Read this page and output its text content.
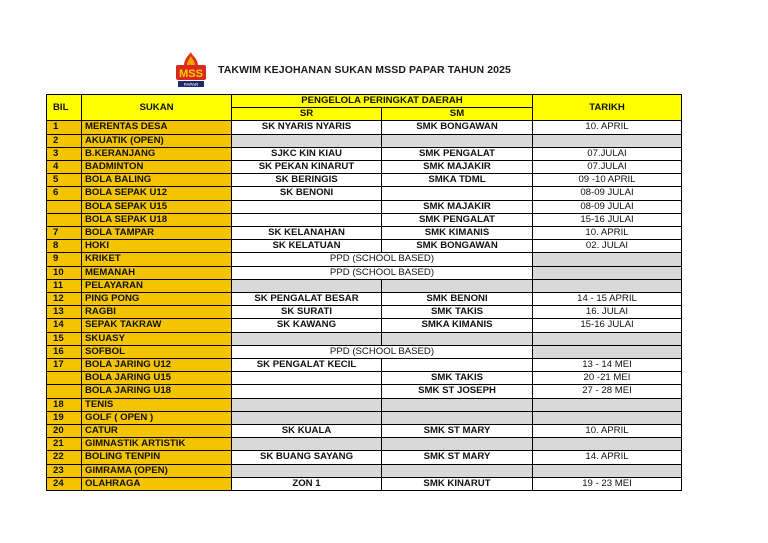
MSS
PAPAR
TAKWIM KEJOHANAN SUKAN MSSD PAPAR TAHUN 2025
BIL	SUKAN	PENGELOLA PERINGKAT DAERAH		TARIKH
		SR	SM	
1	MERENTAS DESA	SK NYARIS NYARIS	SMK BONGAWAN	10. APRIL
2	AKUATIK (OPEN)			
3	B.KERANJANG	SJKC KIN KIAU	SMK PENGALAT	07.JULAI
4	BADMINTON	SK PEKAN KINARUT	SMK MAJAKIR	07.JULAI
5	BOLA BALING	SK BERINGIS	SMKA TDML	09 -10 APRIL
6	BOLA SEPAK U12	SK BENONI		08-09 JULAI
	BOLA SEPAK U15		SMK MAJAKIR	08-09 JULAI
	BOLA SEPAK U18		SMK PENGALAT	15-16 JULAI
7	BOLA TAMPAR	SK KELANAHAN	SMK KIMANIS	10. APRIL
8	HOKI	SK KELATUAN	SMK BONGAWAN	02. JULAI
9	KRIKET	PPD (SCHOOL BASED)		
10	MEMANAH	PPD (SCHOOL BASED)		
11	PELAYARAN			
12	PING PONG	SK PENGALAT BESAR	SMK BENONI	14 - 15 APRIL
13	RAGBI	SK SURATI	SMK TAKIS	16. JULAI
14	SEPAK TAKRAW	SK KAWANG	SMKA KIMANIS	15-16 JULAI
15	SKUASY			
16	SOFBOL	PPD (SCHOOL BASED)		
17	BOLA JARING U12	SK PENGALAT KECIL		13 - 14 MEI
	BOLA JARING U15		SMK TAKIS	20 -21 MEI
	BOLA JARING U18		SMK ST JOSEPH	27 - 28 MEI
18	TENIS			
19	GOLF ( OPEN )			
20	CATUR	SK KUALA	SMK ST MARY	10. APRIL
21	GIMNASTIK ARTISTIK			
22	BOLING TENPIN	SK BUANG SAYANG	SMK ST MARY	14. APRIL
23	GIMRAMA (OPEN)			
24	OLAHRAGA	ZON 1	SMK KINARUT	19 - 23 MEI
